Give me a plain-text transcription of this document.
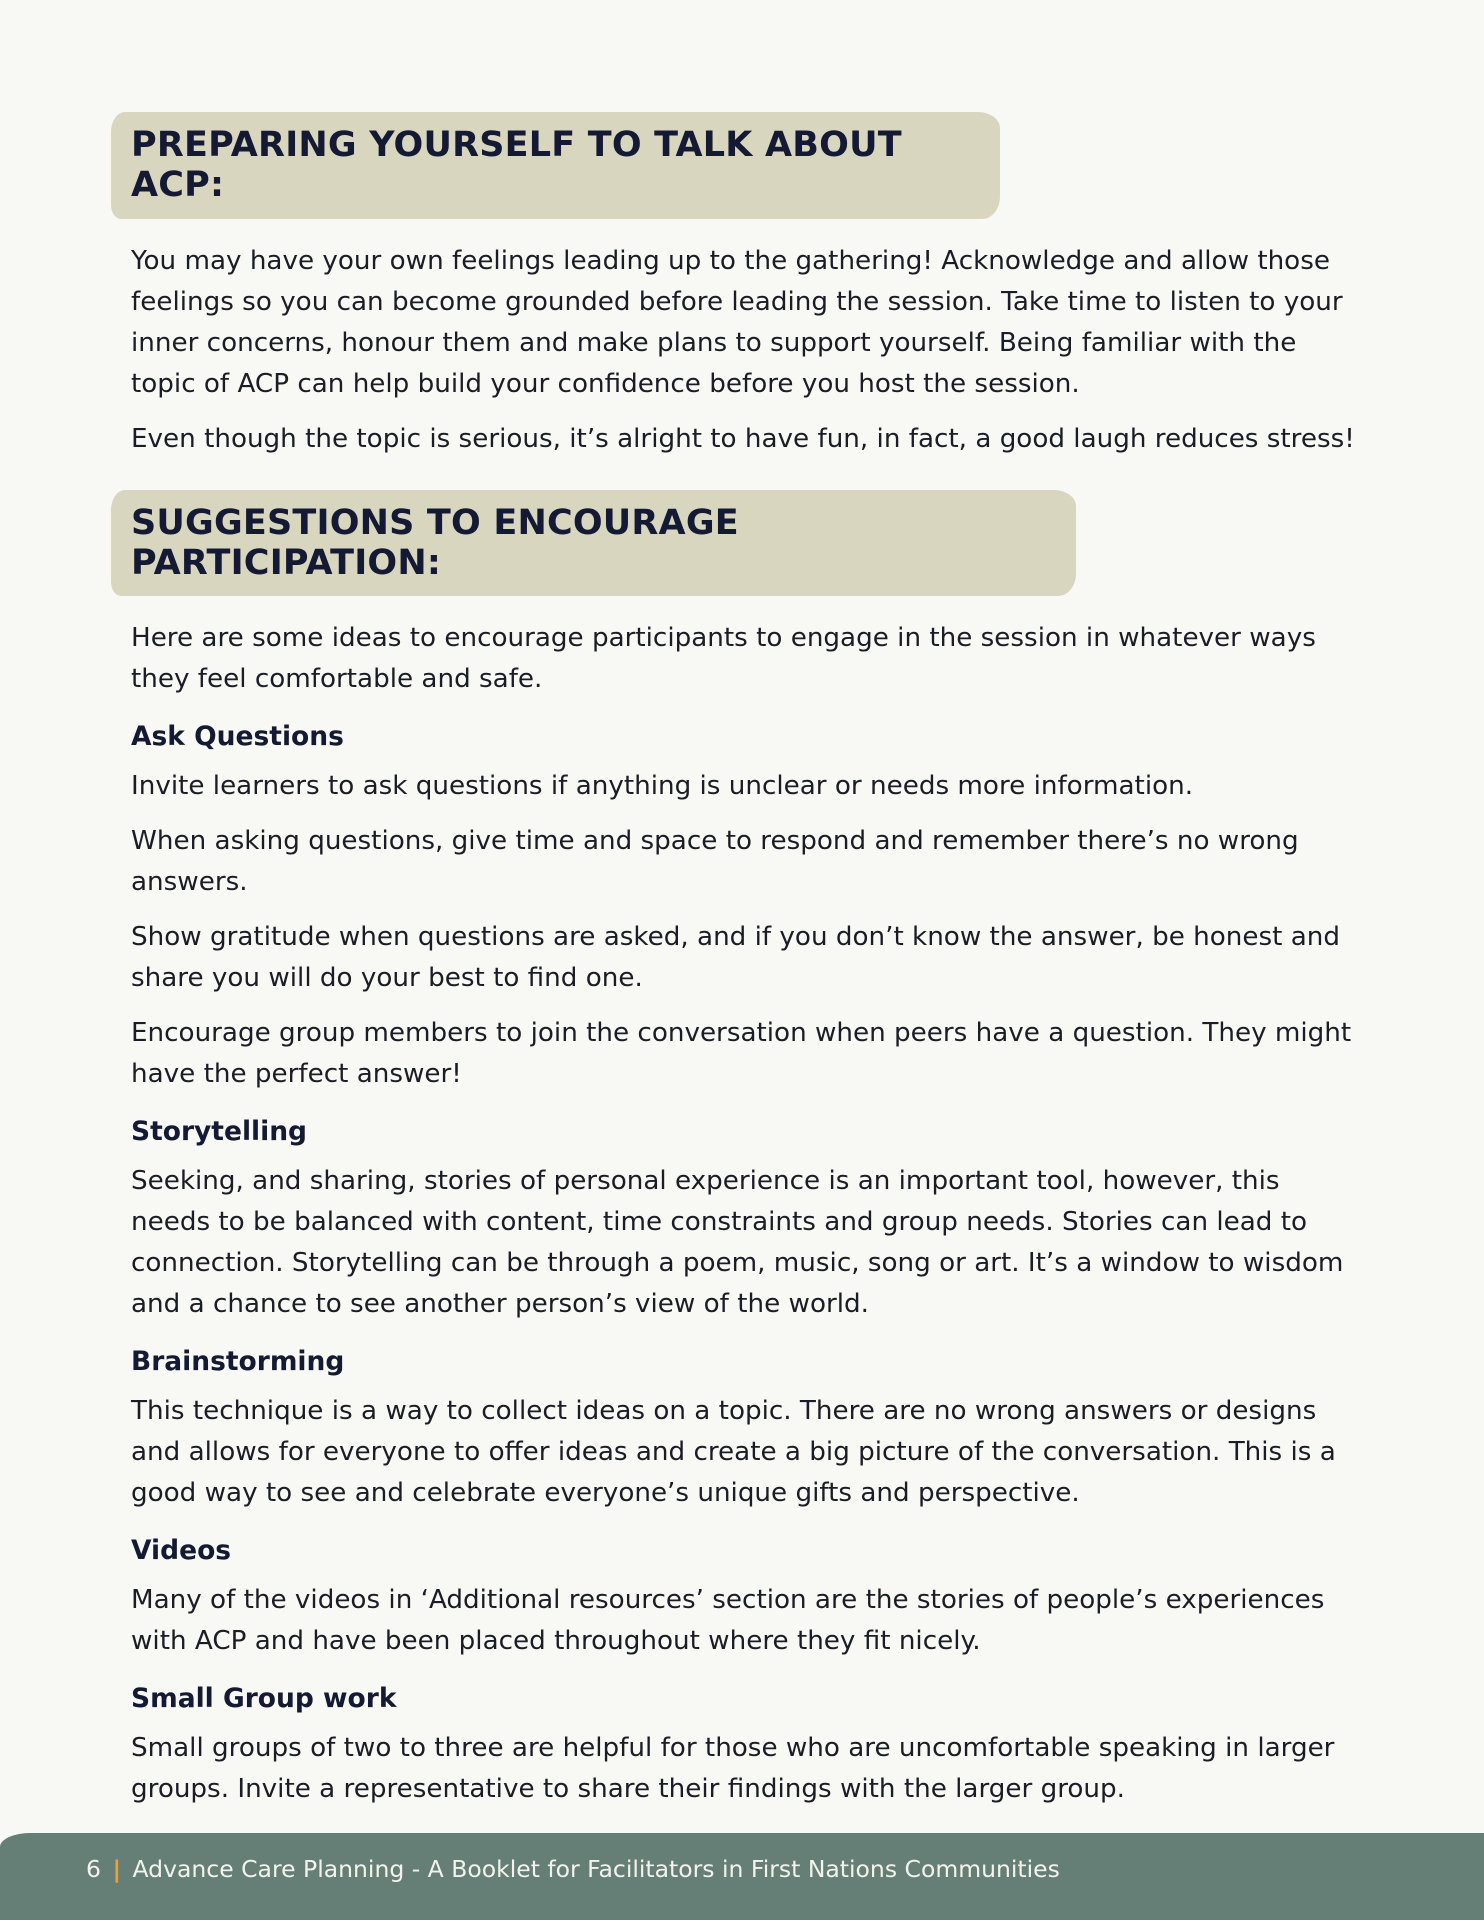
PREPARING YOURSELF TO TALK ABOUT ACP:

You may have your own feelings leading up to the gathering! Acknowledge and allow those feelings so you can become grounded before leading the session. Take time to listen to your inner concerns, honour them and make plans to support yourself. Being familiar with the topic of ACP can help build your confidence before you host the session.

Even though the topic is serious, it’s alright to have fun, in fact, a good laugh reduces stress!

SUGGESTIONS TO ENCOURAGE PARTICIPATION:

Here are some ideas to encourage participants to engage in the session in whatever ways they feel comfortable and safe.

Ask Questions

Invite learners to ask questions if anything is unclear or needs more information.

When asking questions, give time and space to respond and remember there’s no wrong answers.

Show gratitude when questions are asked, and if you don’t know the answer, be honest and share you will do your best to find one.

Encourage group members to join the conversation when peers have a question. They might have the perfect answer!

Storytelling

Seeking, and sharing, stories of personal experience is an important tool, however, this needs to be balanced with content, time constraints and group needs. Stories can lead to connection. Storytelling can be through a poem, music, song or art. It’s a window to wisdom and a chance to see another person’s view of the world.

Brainstorming

This technique is a way to collect ideas on a topic. There are no wrong answers or designs and allows for everyone to offer ideas and create a big picture of the conversation. This is a good way to see and celebrate everyone’s unique gifts and perspective.

Videos

Many of the videos in ‘Additional resources’ section are the stories of people’s experiences with ACP and have been placed throughout where they fit nicely.

Small Group work

Small groups of two to three are helpful for those who are uncomfortable speaking in larger groups. Invite a representative to share their findings with the larger group.

6 | Advance Care Planning - A Booklet for Facilitators in First Nations Communities
